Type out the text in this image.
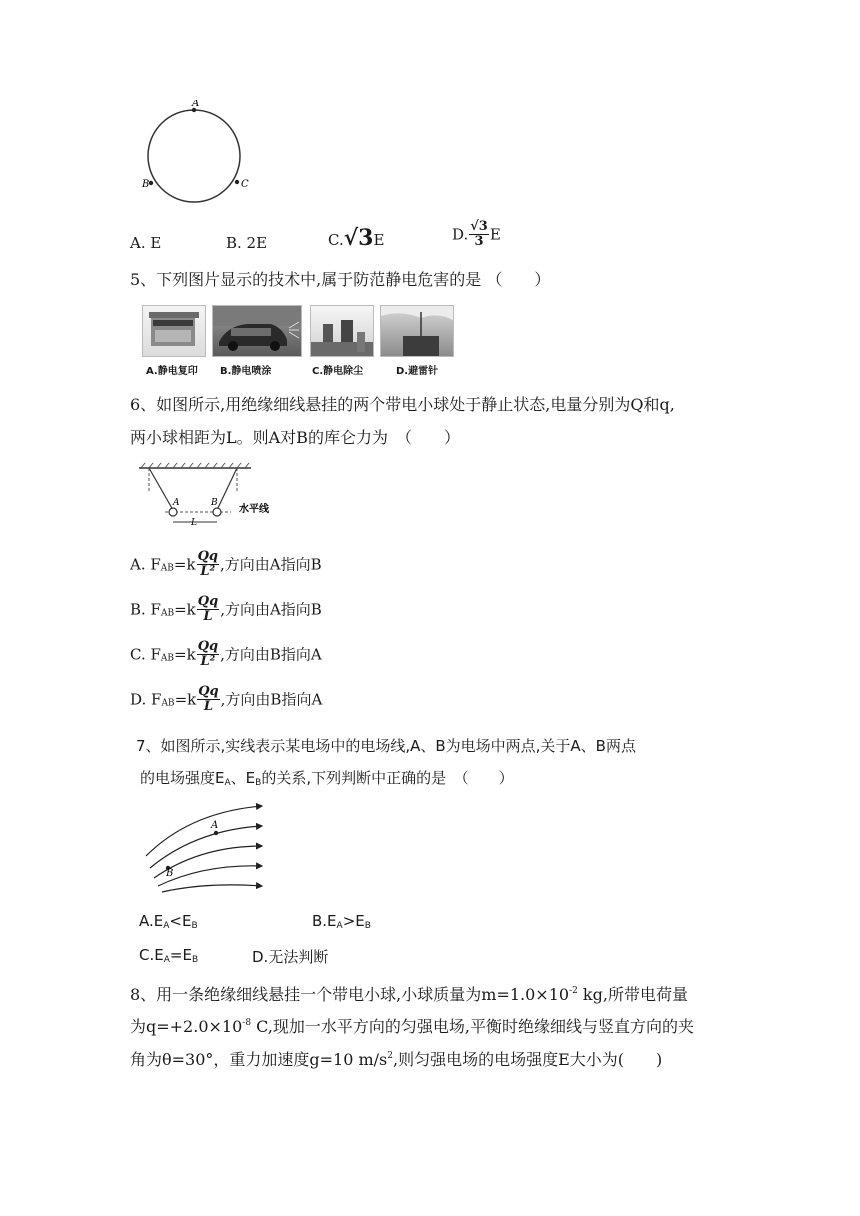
A
B	C
A. E	B. 2E	C.√3E	D. $\frac{√3}{3}$ E
5、下列图片显示的技术中,属于防范静电危害的是 （　　）
A.静电复印 B.静电喷涂	C.静电除尘	D.避雷针
6、如图所示,用绝缘细线悬挂的两个带电小球处于静止状态,电量分别为Q和q,
两小球相距为L。则A对B的库仑力为　（　　）
A	B
L
水平线
A. $F_{AB}=k \frac{Qq}{\text{L²}}$ ,方向由A指向B
B. $F_{AB}=k \frac{Qq}{L}$ ,方向由A指向B
C. $F_{AB}=k \frac{Qq}{\text{L²}}$ ,方向由B指向A
D. $F_{AB}=k \frac{Qq}{L}$ ,方向由B指向A
7、如图所示,实线表示某电场中的电场线,A、B为电场中两点,关于A、B两点
的电场强度$E_A$、$E_B$的关系,下列判断中正确的是　（　　）
A
B
$A.E_A<E_B$	$B.E_A>E_B$
$C.E_A=E_B$	D.无法判断
8、用一条绝缘细线悬挂一个带电小球,小球质量为$m=1.0\times 10^{-2}$ kg,所带电荷量
为$q=+2.0\times 10^{-8}$ C,现加一水平方向的匀强电场,平衡时绝缘细线与竖直方向的夹
角为θ=30°，重力加速度g=10 $m/s^2$,则匀强电场的电场强度E大小为(　　)
